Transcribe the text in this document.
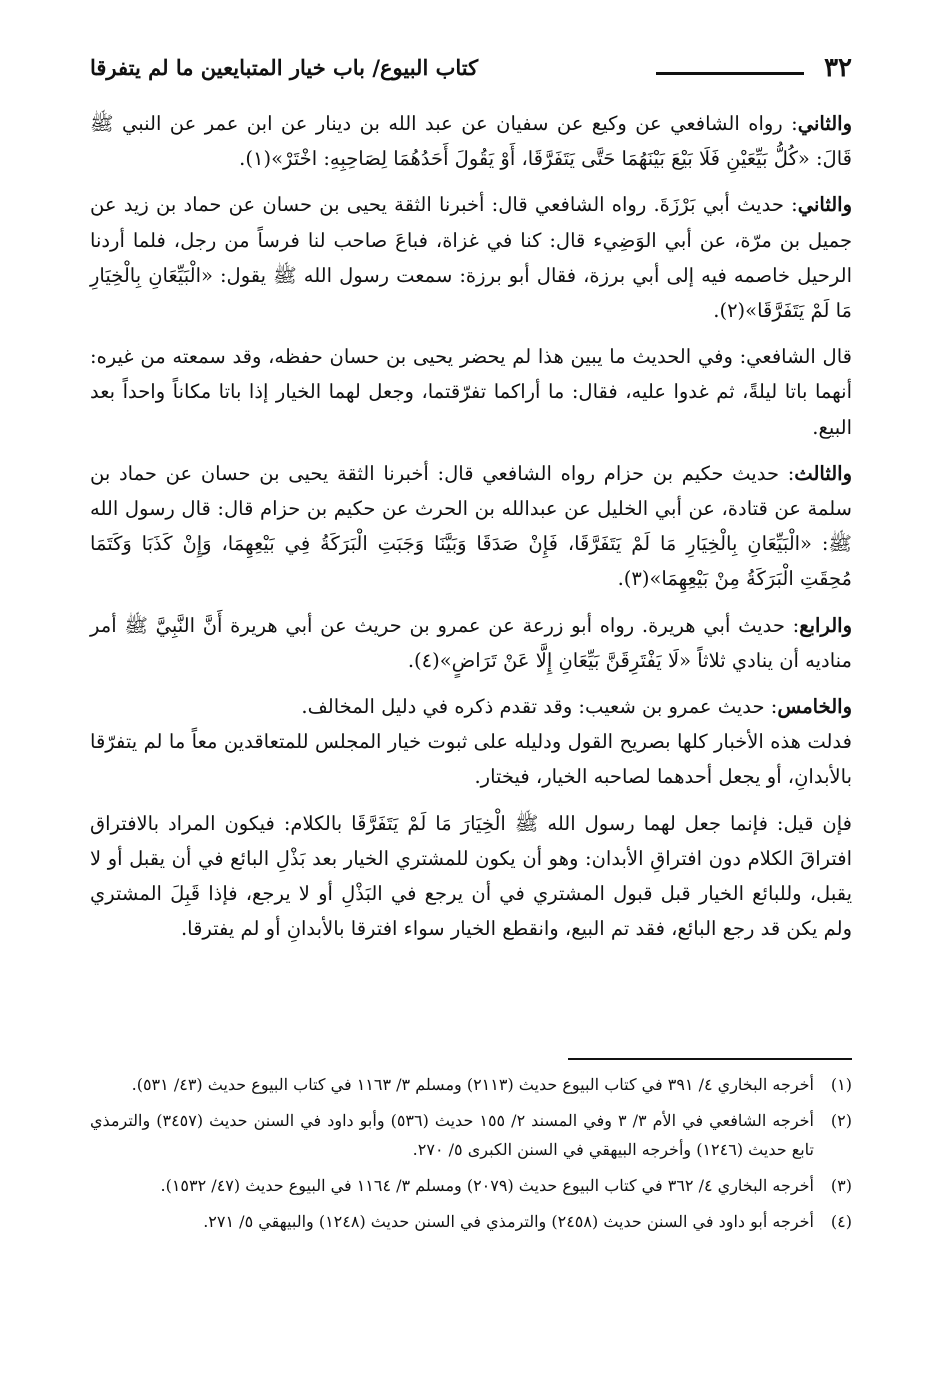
٣٢
كتاب البيوع/ باب خيار المتبايعين ما لم يتفرقا

والثاني: رواه الشافعي عن وكيع عن سفيان عن عبد الله بن دينار عن ابن عمر عن النبي ﷺ قَالَ: «كُلُّ بَيِّعَيْنِ فَلَا بَيْعَ بَيْنَهُمَا حَتَّى يَتَفَرَّقَا، أَوْ يَقُولَ أَحَدُهُمَا لِصَاحِبِهِ: اخْتَرْ»(١).

والثاني: حديث أبي بَرْزَةَ. رواه الشافعي قال: أخبرنا الثقة يحيى بن حسان عن حماد بن زيد عن جميل بن مرّة، عن أبي الوَضِيء قال: كنا في غزاة، فباعَ صاحب لنا فرساً من رجل، فلما أردنا الرحيل خاصمه فيه إلى أبي برزة، فقال أبو برزة: سمعت رسول الله ﷺ يقول: «الْبَيِّعَانِ بِالْخِيَارِ مَا لَمْ يَتَفَرَّقَا»(٢).

قال الشافعي: وفي الحديث ما يبين هذا لم يحضر يحيى بن حسان حفظه، وقد سمعته من غيره: أنهما باتا ليلةً، ثم غدوا عليه، فقال: ما أراكما تفرّقتما، وجعل لهما الخيار إذا باتا مكاناً واحداً بعد البيع.

والثالث: حديث حكيم بن حزام رواه الشافعي قال: أخبرنا الثقة يحيى بن حسان عن حماد بن سلمة عن قتادة، عن أبي الخليل عن عبدالله بن الحرث عن حكيم بن حزام قال: قال رسول الله ﷺ: «الْبَيِّعَانِ بِالْخِيَارِ مَا لَمْ يَتَفَرَّقَا، فَإِنْ صَدَقَا وَبَيَّنَا وَجَبَتِ الْبَرَكَةُ فِي بَيْعِهِمَا، وَإِنْ كَذَبَا وَكَتَمَا مُحِقَتِ الْبَرَكَةُ مِنْ بَيْعِهِمَا»(٣).

والرابع: حديث أبي هريرة. رواه أبو زرعة عن عمرو بن حريث عن أبي هريرة أَنَّ النَّبِيَّ ﷺ أمر مناديه أن ينادي ثلاثاً «لَا يَفْتَرِقَنَّ بَيِّعَانِ إِلَّا عَنْ تَرَاضٍ»(٤).

والخامس: حديث عمرو بن شعيب: وقد تقدم ذكره في دليل المخالف.

فدلت هذه الأخبار كلها بصريح القول ودليله على ثبوت خيار المجلس للمتعاقدين معاً ما لم يتفرّقا بالأبدانِ، أو يجعل أحدهما لصاحبه الخيار، فيختار.

فإن قيل: فإنما جعل لهما رسول الله ﷺ الْخِيَارَ مَا لَمْ يَتَفَرَّقَا بالكلام: فيكون المراد بالافتراق افتراقَ الكلام دون افتراقِ الأبدان: وهو أن يكون للمشتري الخيار بعد بَذْلِ البائع في أن يقبل أو لا يقبل، وللبائع الخيار قبل قبول المشتري في أن يرجع في البَذْلِ أو لا يرجع، فإذا قَبِلَ المشتري ولم يكن قد رجع البائع، فقد تم البيع، وانقطع الخيار سواء افترقا بالأبدانِ أو لم يفترقا.

(١)
أخرجه البخاري ٤/ ٣٩١ في كتاب البيوع حديث (٢١١٣) ومسلم ٣/ ١١٦٣ في كتاب البيوع حديث (٤٣/ ٥٣١).

(٢)
أخرجه الشافعي في الأم ٣/ ٣ وفي المسند ٢/ ١٥٥ حديث (٥٣٦) وأبو داود في السنن حديث (٣٤٥٧) والترمذي تابع حديث (١٢٤٦) وأخرجه البيهقي في السنن الكبرى ٥/ ٢٧٠.

(٣)
أخرجه البخاري ٤/ ٣٦٢ في كتاب البيوع حديث (٢٠٧٩) ومسلم ٣/ ١١٦٤ في البيوع حديث (٤٧/ ١٥٣٢).

(٤)
أخرجه أبو داود في السنن حديث (٢٤٥٨) والترمذي في السنن حديث (١٢٤٨) والبيهقي ٥/ ٢٧١.
